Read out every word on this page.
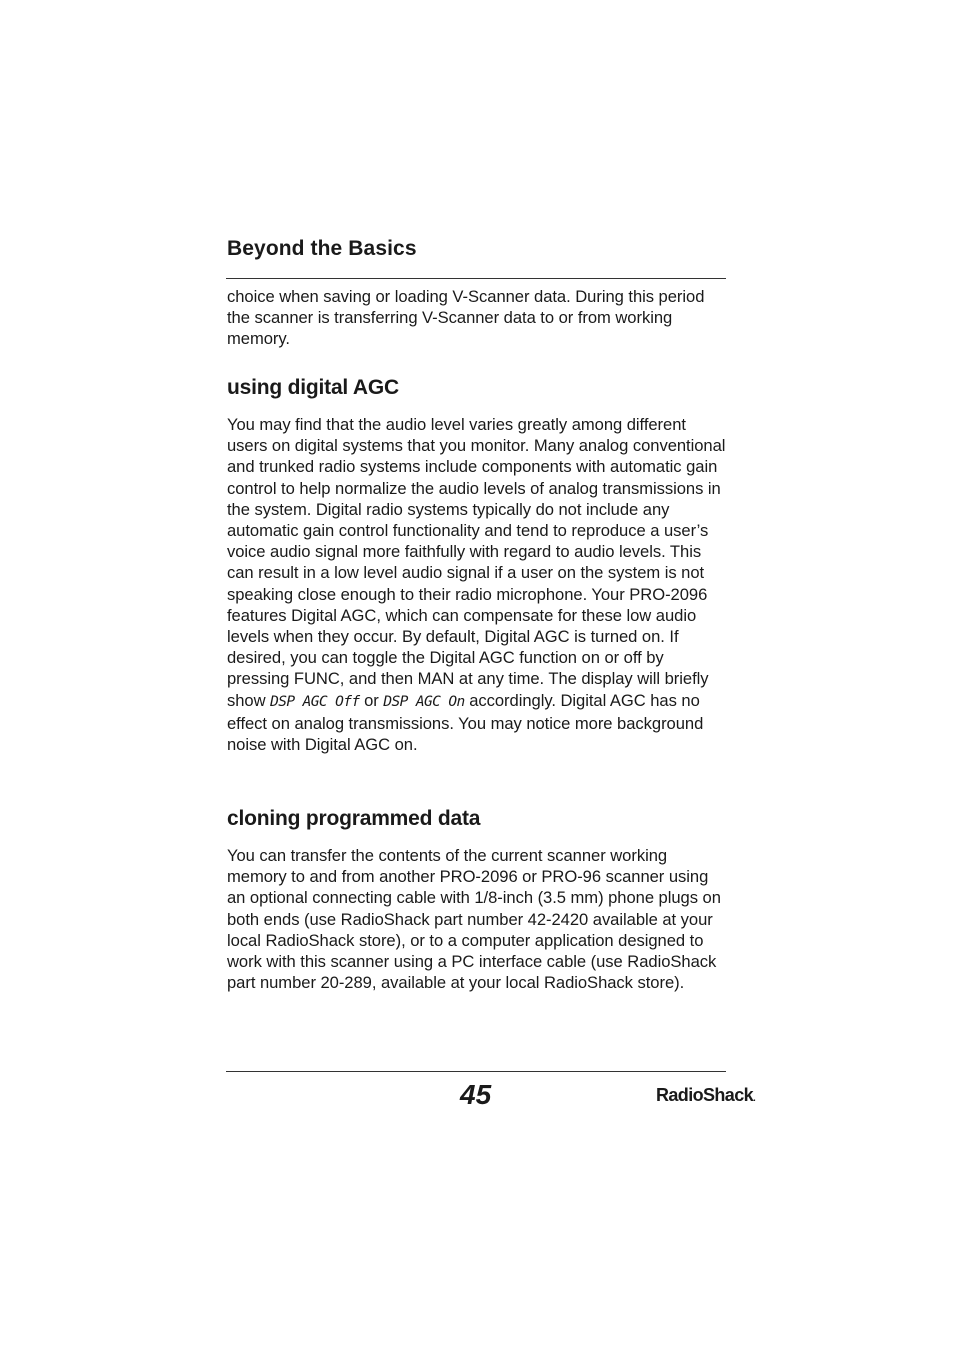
Beyond the Basics

choice when saving or loading V-Scanner data. During this period the scanner is transferring V-Scanner data to or from working memory.

using digital AGC

You may find that the audio level varies greatly among different users on digital systems that you monitor. Many analog conventional and trunked radio systems include components with automatic gain control to help normalize the audio levels of analog transmissions in the system. Digital radio systems typically do not include any automatic gain control functionality and tend to reproduce a user’s voice audio signal more faithfully with regard to audio levels. This can result in a low level audio signal if a user on the system is not speaking close enough to their radio microphone. Your PRO-2096 features Digital AGC, which can compensate for these low audio levels when they occur. By default, Digital AGC is turned on. If desired, you can toggle the Digital AGC function on or off by pressing FUNC, and then MAN at any time. The display will briefly show DSP AGC Off or DSP AGC On accordingly. Digital AGC has no effect on analog transmissions. You may notice more background noise with Digital AGC on.

cloning programmed data

You can transfer the contents of the current scanner working memory to and from another PRO-2096 or PRO-96 scanner using an optional connecting cable with 1/8-inch (3.5 mm) phone plugs on both ends (use RadioShack part number 42-2420 available at your local RadioShack store), or to a computer application designed to work with this scanner using a PC interface cable (use RadioShack part number 20-289, available at your local RadioShack store).

45	RadioShack.
